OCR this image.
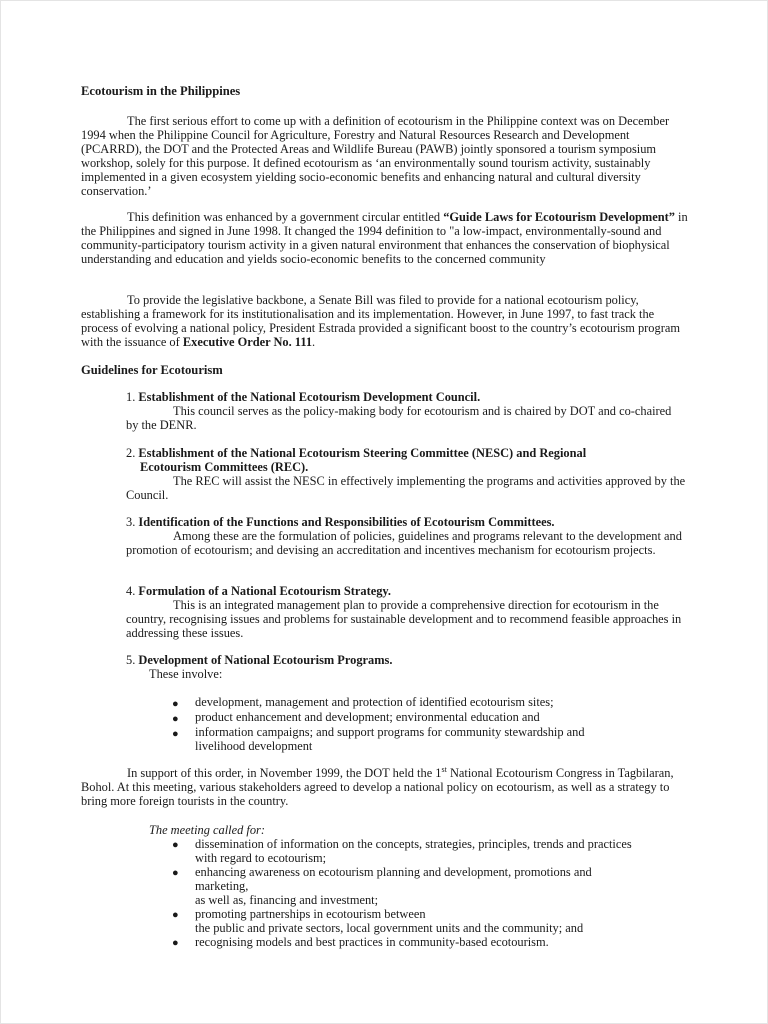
Ecotourism in the Philippines
The first serious effort to come up with a definition of ecotourism in the Philippine context was on December 1994 when the Philippine Council for Agriculture, Forestry and Natural Resources Research and Development (PCARRD), the DOT and the Protected Areas and Wildlife Bureau (PAWB) jointly sponsored a tourism symposium workshop, solely for this purpose. It defined ecotourism as ‘an environmentally sound tourism activity, sustainably implemented in a given ecosystem yielding socio-economic benefits and enhancing natural and cultural diversity conservation.’
This definition was enhanced by a government circular entitled “Guide Laws for Ecotourism Development” in the Philippines and signed in June 1998. It changed the 1994 definition to "a low-impact, environmentally-sound and community-participatory tourism activity in a given natural environment that enhances the conservation of biophysical understanding and education and yields socio-economic benefits to the concerned community
To provide the legislative backbone, a Senate Bill was filed to provide for a national ecotourism policy, establishing a framework for its institutionalisation and its implementation. However, in June 1997, to fast track the process of evolving a national policy, President Estrada provided a significant boost to the country’s ecotourism program with the issuance of Executive Order No. 111.
Guidelines for Ecotourism
1. Establishment of the National Ecotourism Development Council.
This council serves as the policy-making body for ecotourism and is chaired by DOT and co-chaired by the DENR.
2. Establishment of the National Ecotourism Steering Committee (NESC) and Regional
Ecotourism Committees (REC).
The REC will assist the NESC in effectively implementing the programs and activities approved by the Council.
3. Identification of the Functions and Responsibilities of Ecotourism Committees.
Among these are the formulation of policies, guidelines and programs relevant to the development and promotion of ecotourism; and devising an accreditation and incentives mechanism for ecotourism projects.
4. Formulation of a National Ecotourism Strategy.
This is an integrated management plan to provide a comprehensive direction for ecotourism in the country, recognising issues and problems for sustainable development and to recommend feasible approaches in addressing these issues.
5. Development of National Ecotourism Programs.
These involve:
● development, management and protection of identified ecotourism sites;
● product enhancement and development; environmental education and
● information campaigns; and support programs for community stewardship and livelihood development
In support of this order, in November 1999, the DOT held the 1st National Ecotourism Congress in Tagbilaran, Bohol. At this meeting, various stakeholders agreed to develop a national policy on ecotourism, as well as a strategy to bring more foreign tourists in the country.
The meeting called for:
● dissemination of information on the concepts, strategies, principles, trends and practices
with regard to ecotourism;
● enhancing awareness on ecotourism planning and development, promotions and
marketing,
as well as, financing and investment;
● promoting partnerships in ecotourism between
the public and private sectors, local government units and the community; and
● recognising models and best practices in community-based ecotourism.
